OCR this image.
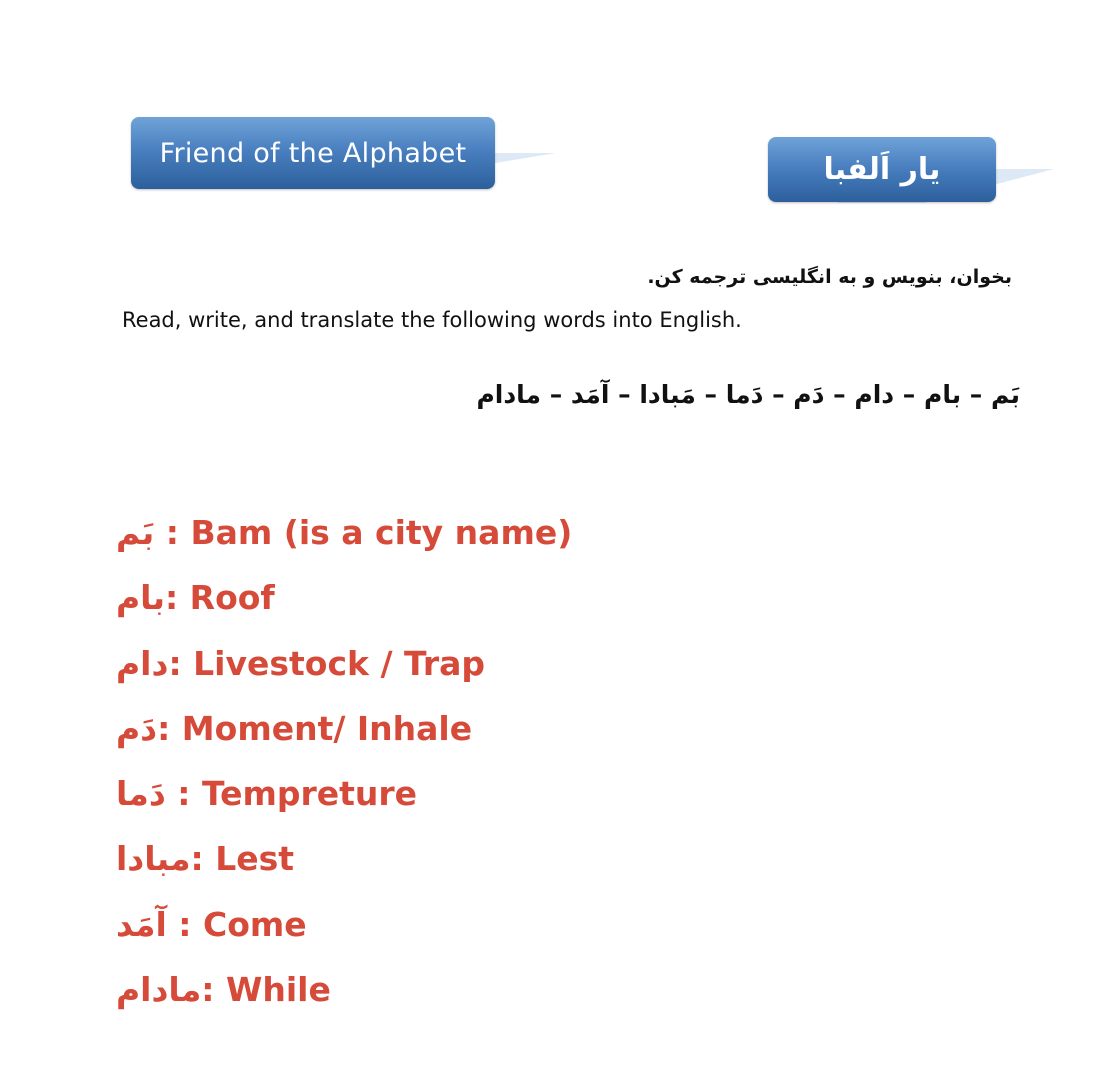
Friend of the Alphabet	یار اَلفبا
بخوان، بنویس و به انگلیسی ترجمه کن.
Read, write, and translate the following words into English.
بَم – بام – دام – دَم – دَما – مَبادا – آمَد – مادام
بَم : Bam (is a city name)
بام: Roof
دام: Livestock / Trap
دَم: Moment/ Inhale
دَما : Tempreture
مبادا: Lest
آمَد : Come
مادام: While
